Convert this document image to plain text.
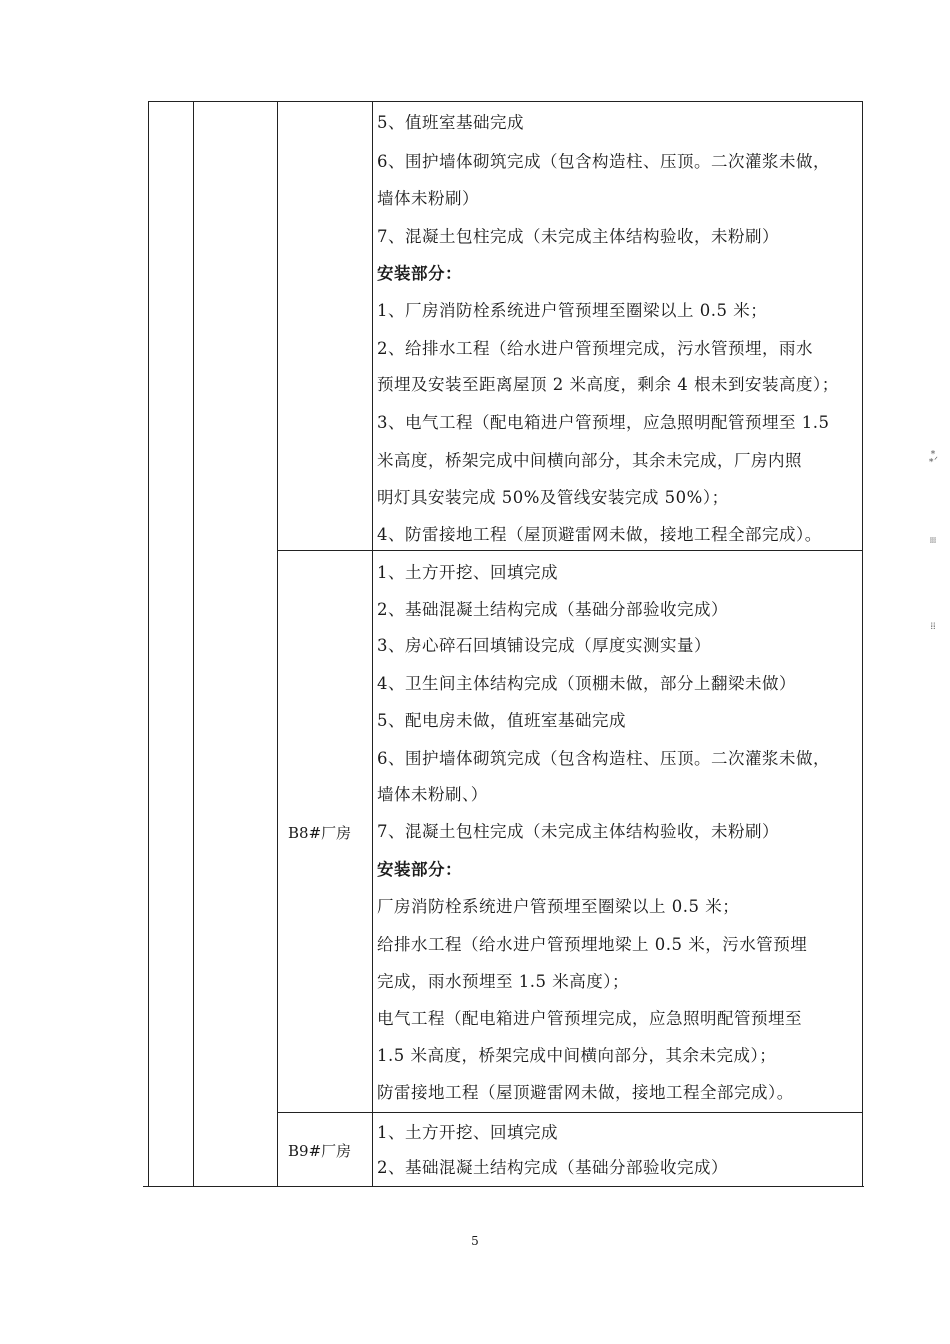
B8#厂房
B9#厂房
5、值班室基础完成
6、围护墙体砌筑完成（包含构造柱、压顶。二次灌浆未做，
墙体未粉刷）
7、混凝土包柱完成（未完成主体结构验收，未粉刷）
安装部分：
1、厂房消防栓系统进户管预埋至圈梁以上 0.5 米；
2、给排水工程（给水进户管预埋完成，污水管预埋，雨水
预埋及安装至距离屋顶 2 米高度，剩余 4 根未到安装高度）；
3、电气工程（配电箱进户管预埋，应急照明配管预埋至 1.5
米高度，桥架完成中间横向部分，其余未完成，厂房内照
明灯具安装完成 50%及管线安装完成 50%）；
4、防雷接地工程（屋顶避雷网未做，接地工程全部完成）。
1、土方开挖、回填完成
2、基础混凝土结构完成（基础分部验收完成）
3、房心碎石回填铺设完成（厚度实测实量）
4、卫生间主体结构完成（顶棚未做，部分上翻梁未做）
5、配电房未做，值班室基础完成
6、围护墙体砌筑完成（包含构造柱、压顶。二次灌浆未做，
墙体未粉刷、）
7、混凝土包柱完成（未完成主体结构验收，未粉刷）
安装部分：
厂房消防栓系统进户管预埋至圈梁以上 0.5 米；
给排水工程（给水进户管预埋地梁上 0.5 米，污水管预埋
完成，雨水预埋至 1.5 米高度）；
电气工程（配电箱进户管预埋完成，应急照明配管预埋至
1.5 米高度，桥架完成中间横向部分，其余未完成）；
防雷接地工程（屋顶避雷网未做，接地工程全部完成）。
1、土方开挖、回填完成
2、基础混凝土结构完成（基础分部验收完成）
* ∗ᐟ
፧፧፧
⁞⁞
5
